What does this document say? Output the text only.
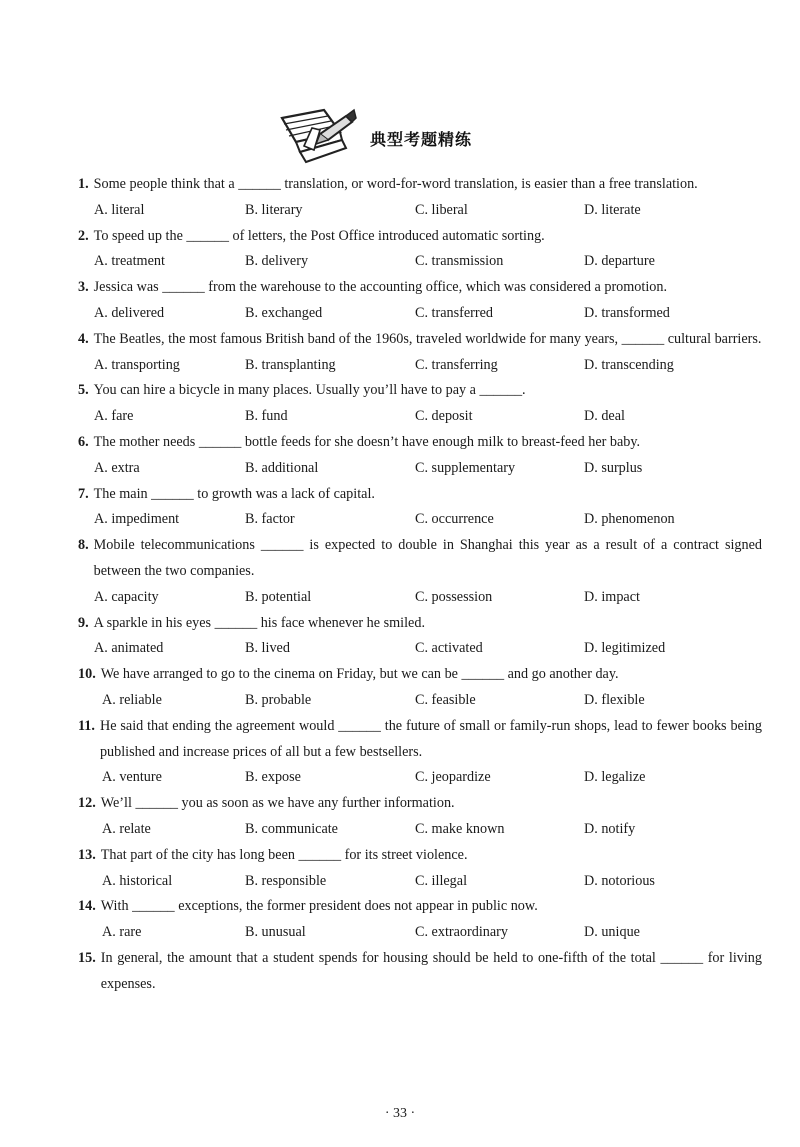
典型考题精练
1. Some people think that a ______ translation, or word-for-word translation, is easier than a free translation.
A. literal	B. literary	C. liberal	D. literate
2. To speed up the ______ of letters, the Post Office introduced automatic sorting.
A. treatment	B. delivery	C. transmission	D. departure
3. Jessica was ______ from the warehouse to the accounting office, which was considered a promotion.
A. delivered	B. exchanged	C. transferred	D. transformed
4. The Beatles, the most famous British band of the 1960s, traveled worldwide for many years, ______ cultural barriers.
A. transporting	B. transplanting	C. transferring	D. transcending
5. You can hire a bicycle in many places. Usually you’ll have to pay a ______.
A. fare	B. fund	C. deposit	D. deal
6. The mother needs ______ bottle feeds for she doesn’t have enough milk to breast-feed her baby.
A. extra	B. additional	C. supplementary	D. surplus
7. The main ______ to growth was a lack of capital.
A. impediment	B. factor	C. occurrence	D. phenomenon
8. Mobile telecommunications ______ is expected to double in Shanghai this year as a result of a contract signed between the two companies.
A. capacity	B. potential	C. possession	D. impact
9. A sparkle in his eyes ______ his face whenever he smiled.
A. animated	B. lived	C. activated	D. legitimized
10. We have arranged to go to the cinema on Friday, but we can be ______ and go another day.
A. reliable	B. probable	C. feasible	D. flexible
11. He said that ending the agreement would ______ the future of small or family-run shops, lead to fewer books being published and increase prices of all but a few bestsellers.
A. venture	B. expose	C. jeopardize	D. legalize
12. We’ll ______ you as soon as we have any further information.
A. relate	B. communicate	C. make known	D. notify
13. That part of the city has long been ______ for its street violence.
A. historical	B. responsible	C. illegal	D. notorious
14. With ______ exceptions, the former president does not appear in public now.
A. rare	B. unusual	C. extraordinary	D. unique
15. In general, the amount that a student spends for housing should be held to one-fifth of the total ______ for living expenses.
· 33 ·
